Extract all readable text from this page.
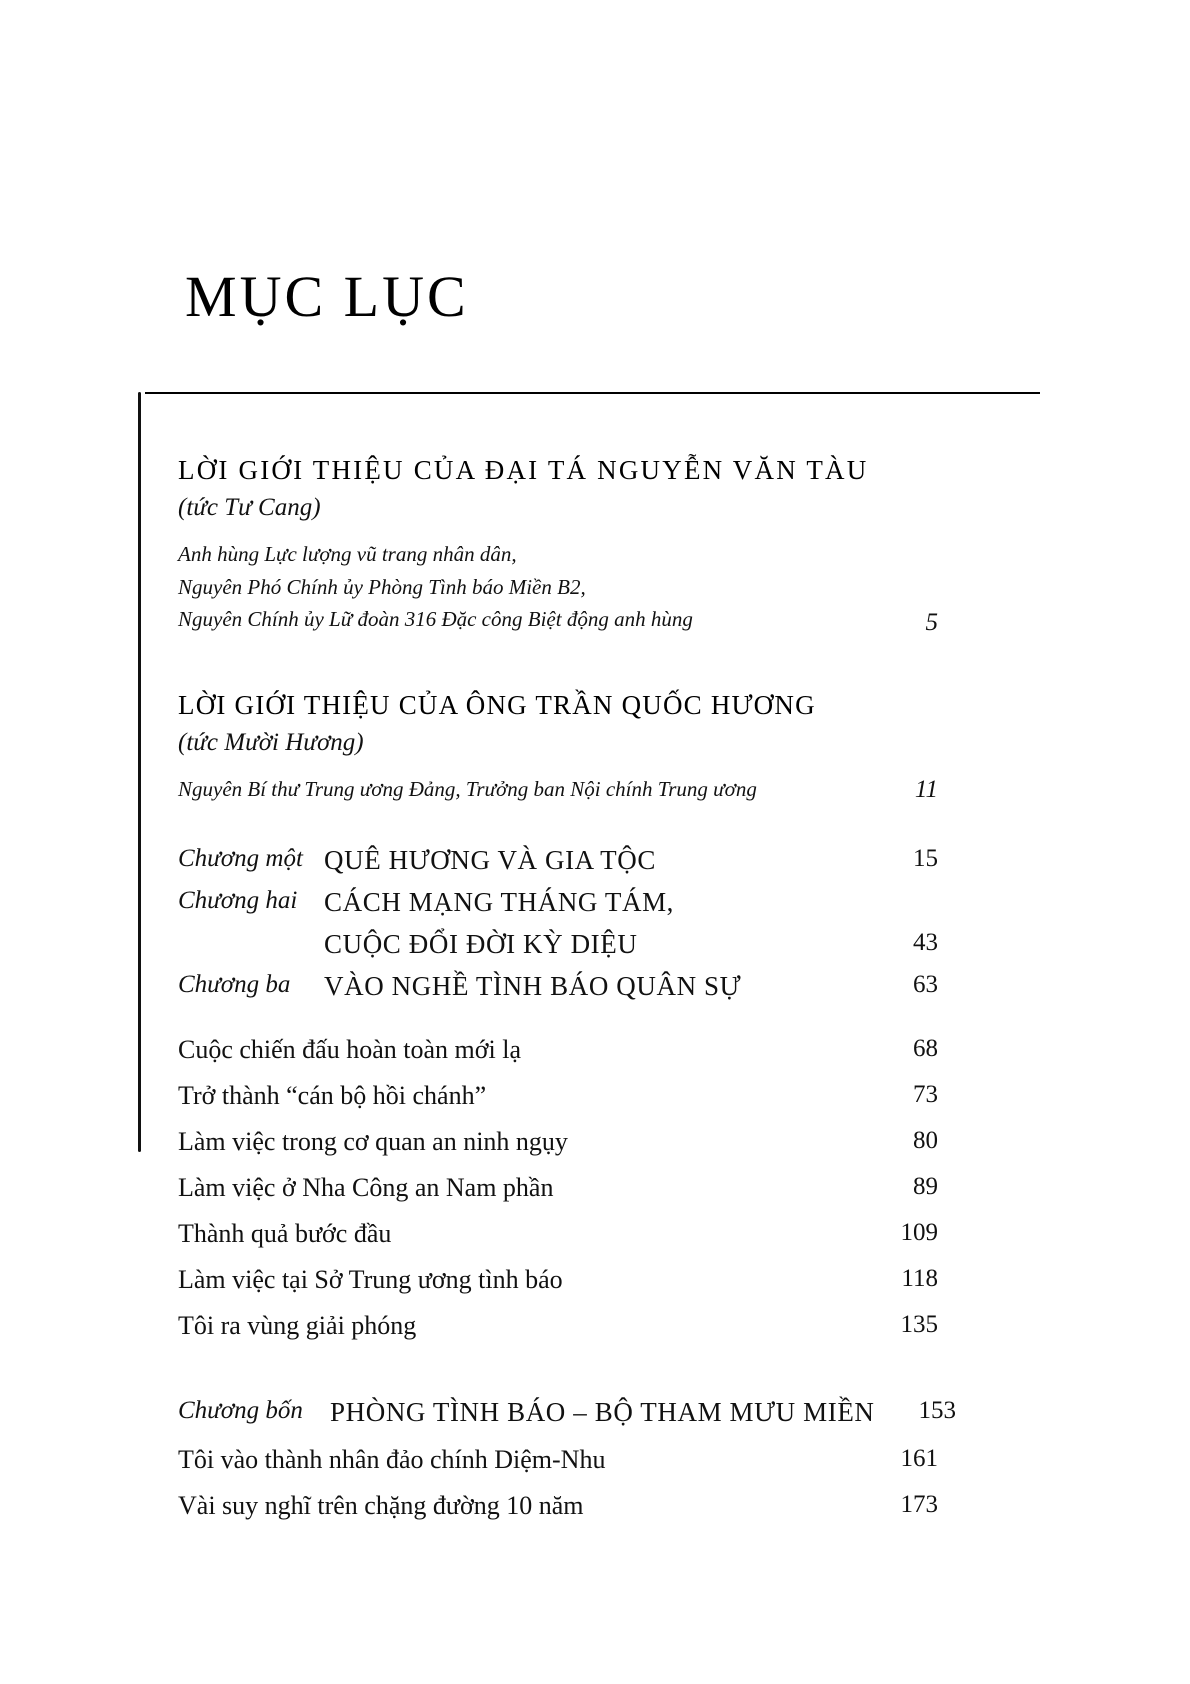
MỤC LỤC
LỜI GIỚI THIỆU CỦA ĐẠI TÁ NGUYỄN VĂN TÀU
(tức Tư Cang)
Anh hùng Lực lượng vũ trang nhân dân,
Nguyên Phó Chính ủy Phòng Tình báo Miền B2,
Nguyên Chính ủy Lữ đoàn 316 Đặc công Biệt động anh hùng	5
LỜI GIỚI THIỆU CỦA ÔNG TRẦN QUỐC HƯƠNG
(tức Mười Hương)
Nguyên Bí thư Trung ương Đảng, Trưởng ban Nội chính Trung ương	11
Chương một QUÊ HƯƠNG VÀ GIA TỘC	15
Chương hai CÁCH MẠNG THÁNG TÁM,
CUỘC ĐỔI ĐỜI KỲ DIỆU	43
Chương ba VÀO NGHỀ TÌNH BÁO QUÂN SỰ	63
Cuộc chiến đấu hoàn toàn mới lạ	68
Trở thành “cán bộ hồi chánh”	73
Làm việc trong cơ quan an ninh ngụy	80
Làm việc ở Nha Công an Nam phần	89
Thành quả bước đầu	109
Làm việc tại Sở Trung ương tình báo	118
Tôi ra vùng giải phóng	135
Chương bốn PHÒNG TÌNH BÁO – BỘ THAM MƯU MIỀN	153
Tôi vào thành nhân đảo chính Diệm-Nhu	161
Vài suy nghĩ trên chặng đường 10 năm	173
